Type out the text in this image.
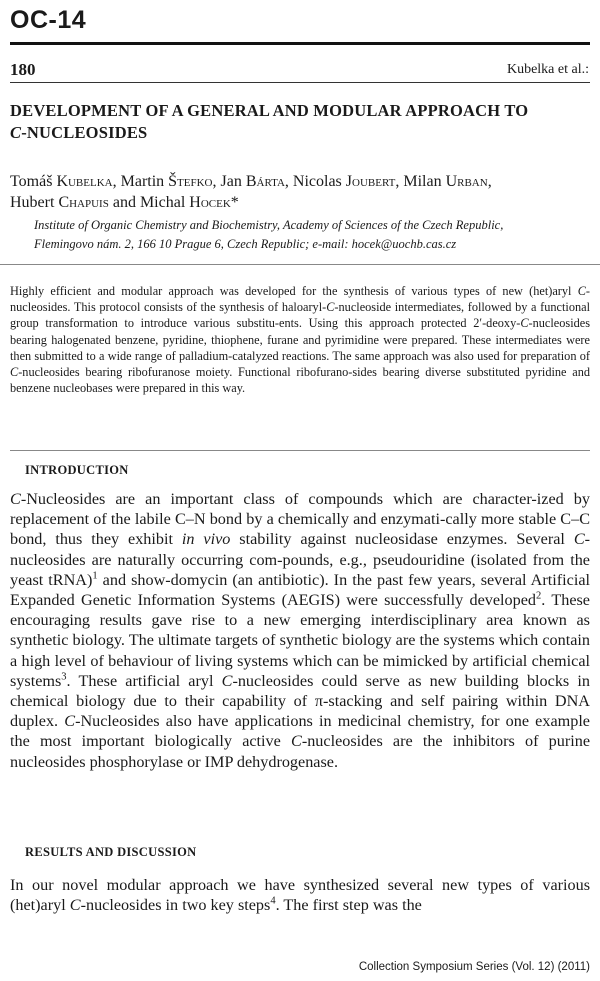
OC-14
180	Kubelka et al.:
DEVELOPMENT OF A GENERAL AND MODULAR APPROACH TO
C-NUCLEOSIDES
Tomáš Kubelka, Martin Štefko, Jan Bárta, Nicolas Joubert, Milan Urban,
Hubert Chapuis and Michal Hocek*
Institute of Organic Chemistry and Biochemistry, Academy of Sciences of the Czech Republic,
Flemingovo nám. 2, 166 10 Prague 6, Czech Republic; e-mail: hocek@uochb.cas.cz
Highly efficient and modular approach was developed for the synthesis of various types of new (het)aryl C-nucleosides. This protocol consists of the synthesis of haloaryl-C-nucleoside intermediates, followed by a functional group transformation to introduce various substitu-ents. Using this approach protected 2′-deoxy-C-nucleosides bearing halogenated benzene, pyridine, thiophene, furane and pyrimidine were prepared. These intermediates were then submitted to a wide range of palladium-catalyzed reactions. The same approach was also used for preparation of C-nucleosides bearing ribofuranose moiety. Functional ribofurano-sides bearing diverse substituted pyridine and benzene nucleobases were prepared in this way.
INTRODUCTION
C-Nucleosides are an important class of compounds which are character-ized by replacement of the labile C–N bond by a chemically and enzymati-cally more stable C–C bond, thus they exhibit in vivo stability against nucleosidase enzymes. Several C-nucleosides are naturally occurring com-pounds, e.g., pseudouridine (isolated from the yeast tRNA)$^1$ and show-domycin (an antibiotic). In the past few years, several Artificial Expanded Genetic Information Systems (AEGIS) were successfully developed$^2$. These encouraging results gave rise to a new emerging interdisciplinary area known as synthetic biology. The ultimate targets of synthetic biology are the systems which contain a high level of behaviour of living systems which can be mimicked by artificial chemical systems$^3$. These artificial aryl C-nucleosides could serve as new building blocks in chemical biology due to their capability of π-stacking and self pairing within DNA duplex. C-Nucleosides also have applications in medicinal chemistry, for one example the most important biologically active C-nucleosides are the inhibitors of purine nucleosides phosphorylase or IMP dehydrogenase.
RESULTS AND DISCUSSION
In our novel modular approach we have synthesized several new types of various (het)aryl C-nucleosides in two key steps$^4$. The first step was the
Collection Symposium Series (Vol. 12) (2011)
